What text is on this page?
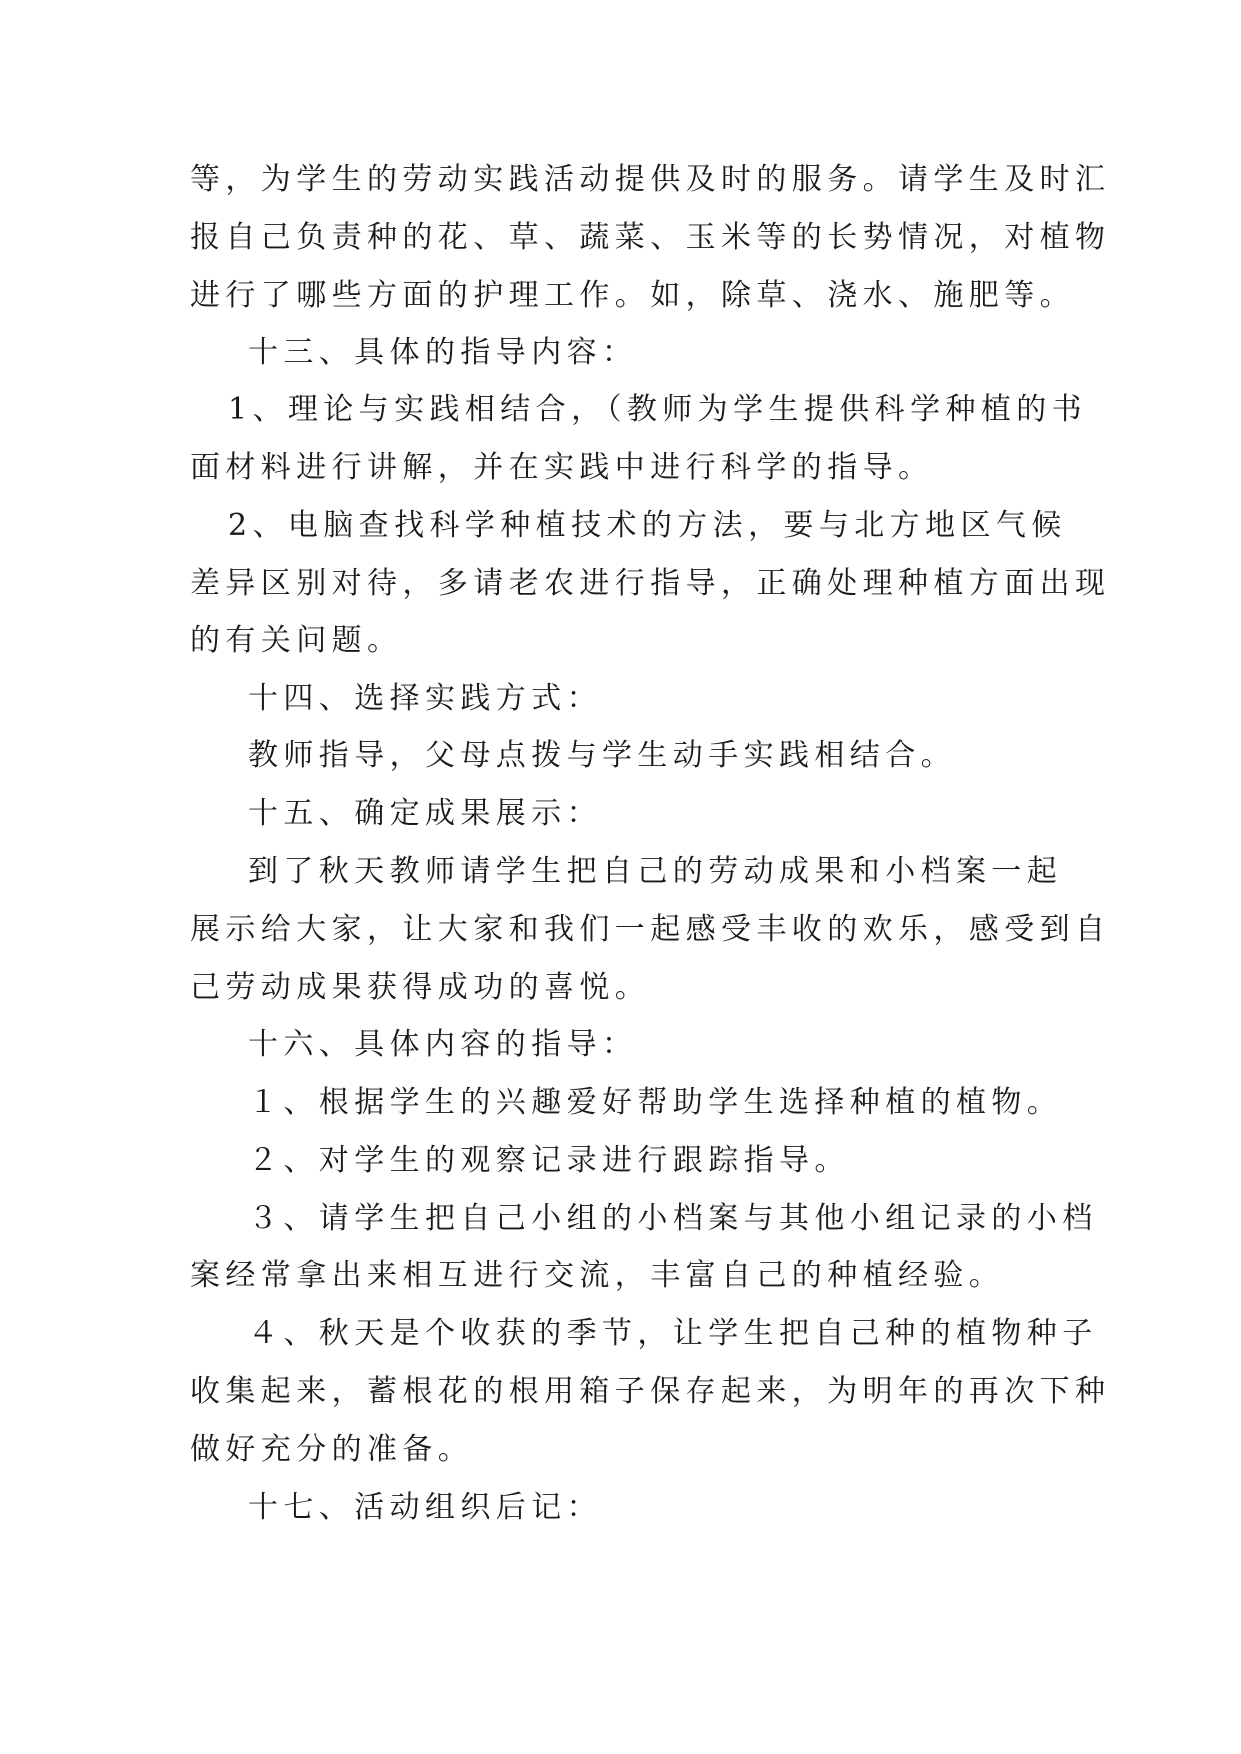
等，为学生的劳动实践活动提供及时的服务。请学生及时汇
报自己负责种的花、草、蔬菜、玉米等的长势情况，对植物
进行了哪些方面的护理工作。如，除草、浇水、施肥等。
十三、具体的指导内容：
1、理论与实践相结合，（教师为学生提供科学种植的书
面材料进行讲解，并在实践中进行科学的指导。
2、电脑查找科学种植技术的方法，要与北方地区气候
差异区别对待，多请老农进行指导，正确处理种植方面出现
的有关问题。
十四、选择实践方式：
教师指导，父母点拨与学生动手实践相结合。
十五、确定成果展示：
到了秋天教师请学生把自己的劳动成果和小档案一起
展示给大家，让大家和我们一起感受丰收的欢乐，感受到自
己劳动成果获得成功的喜悦。
十六、具体内容的指导：
１、根据学生的兴趣爱好帮助学生选择种植的植物。
２、对学生的观察记录进行跟踪指导。
３、请学生把自己小组的小档案与其他小组记录的小档
案经常拿出来相互进行交流，丰富自己的种植经验。
４、秋天是个收获的季节，让学生把自己种的植物种子
收集起来，蓄根花的根用箱子保存起来，为明年的再次下种
做好充分的准备。
十七、活动组织后记：
